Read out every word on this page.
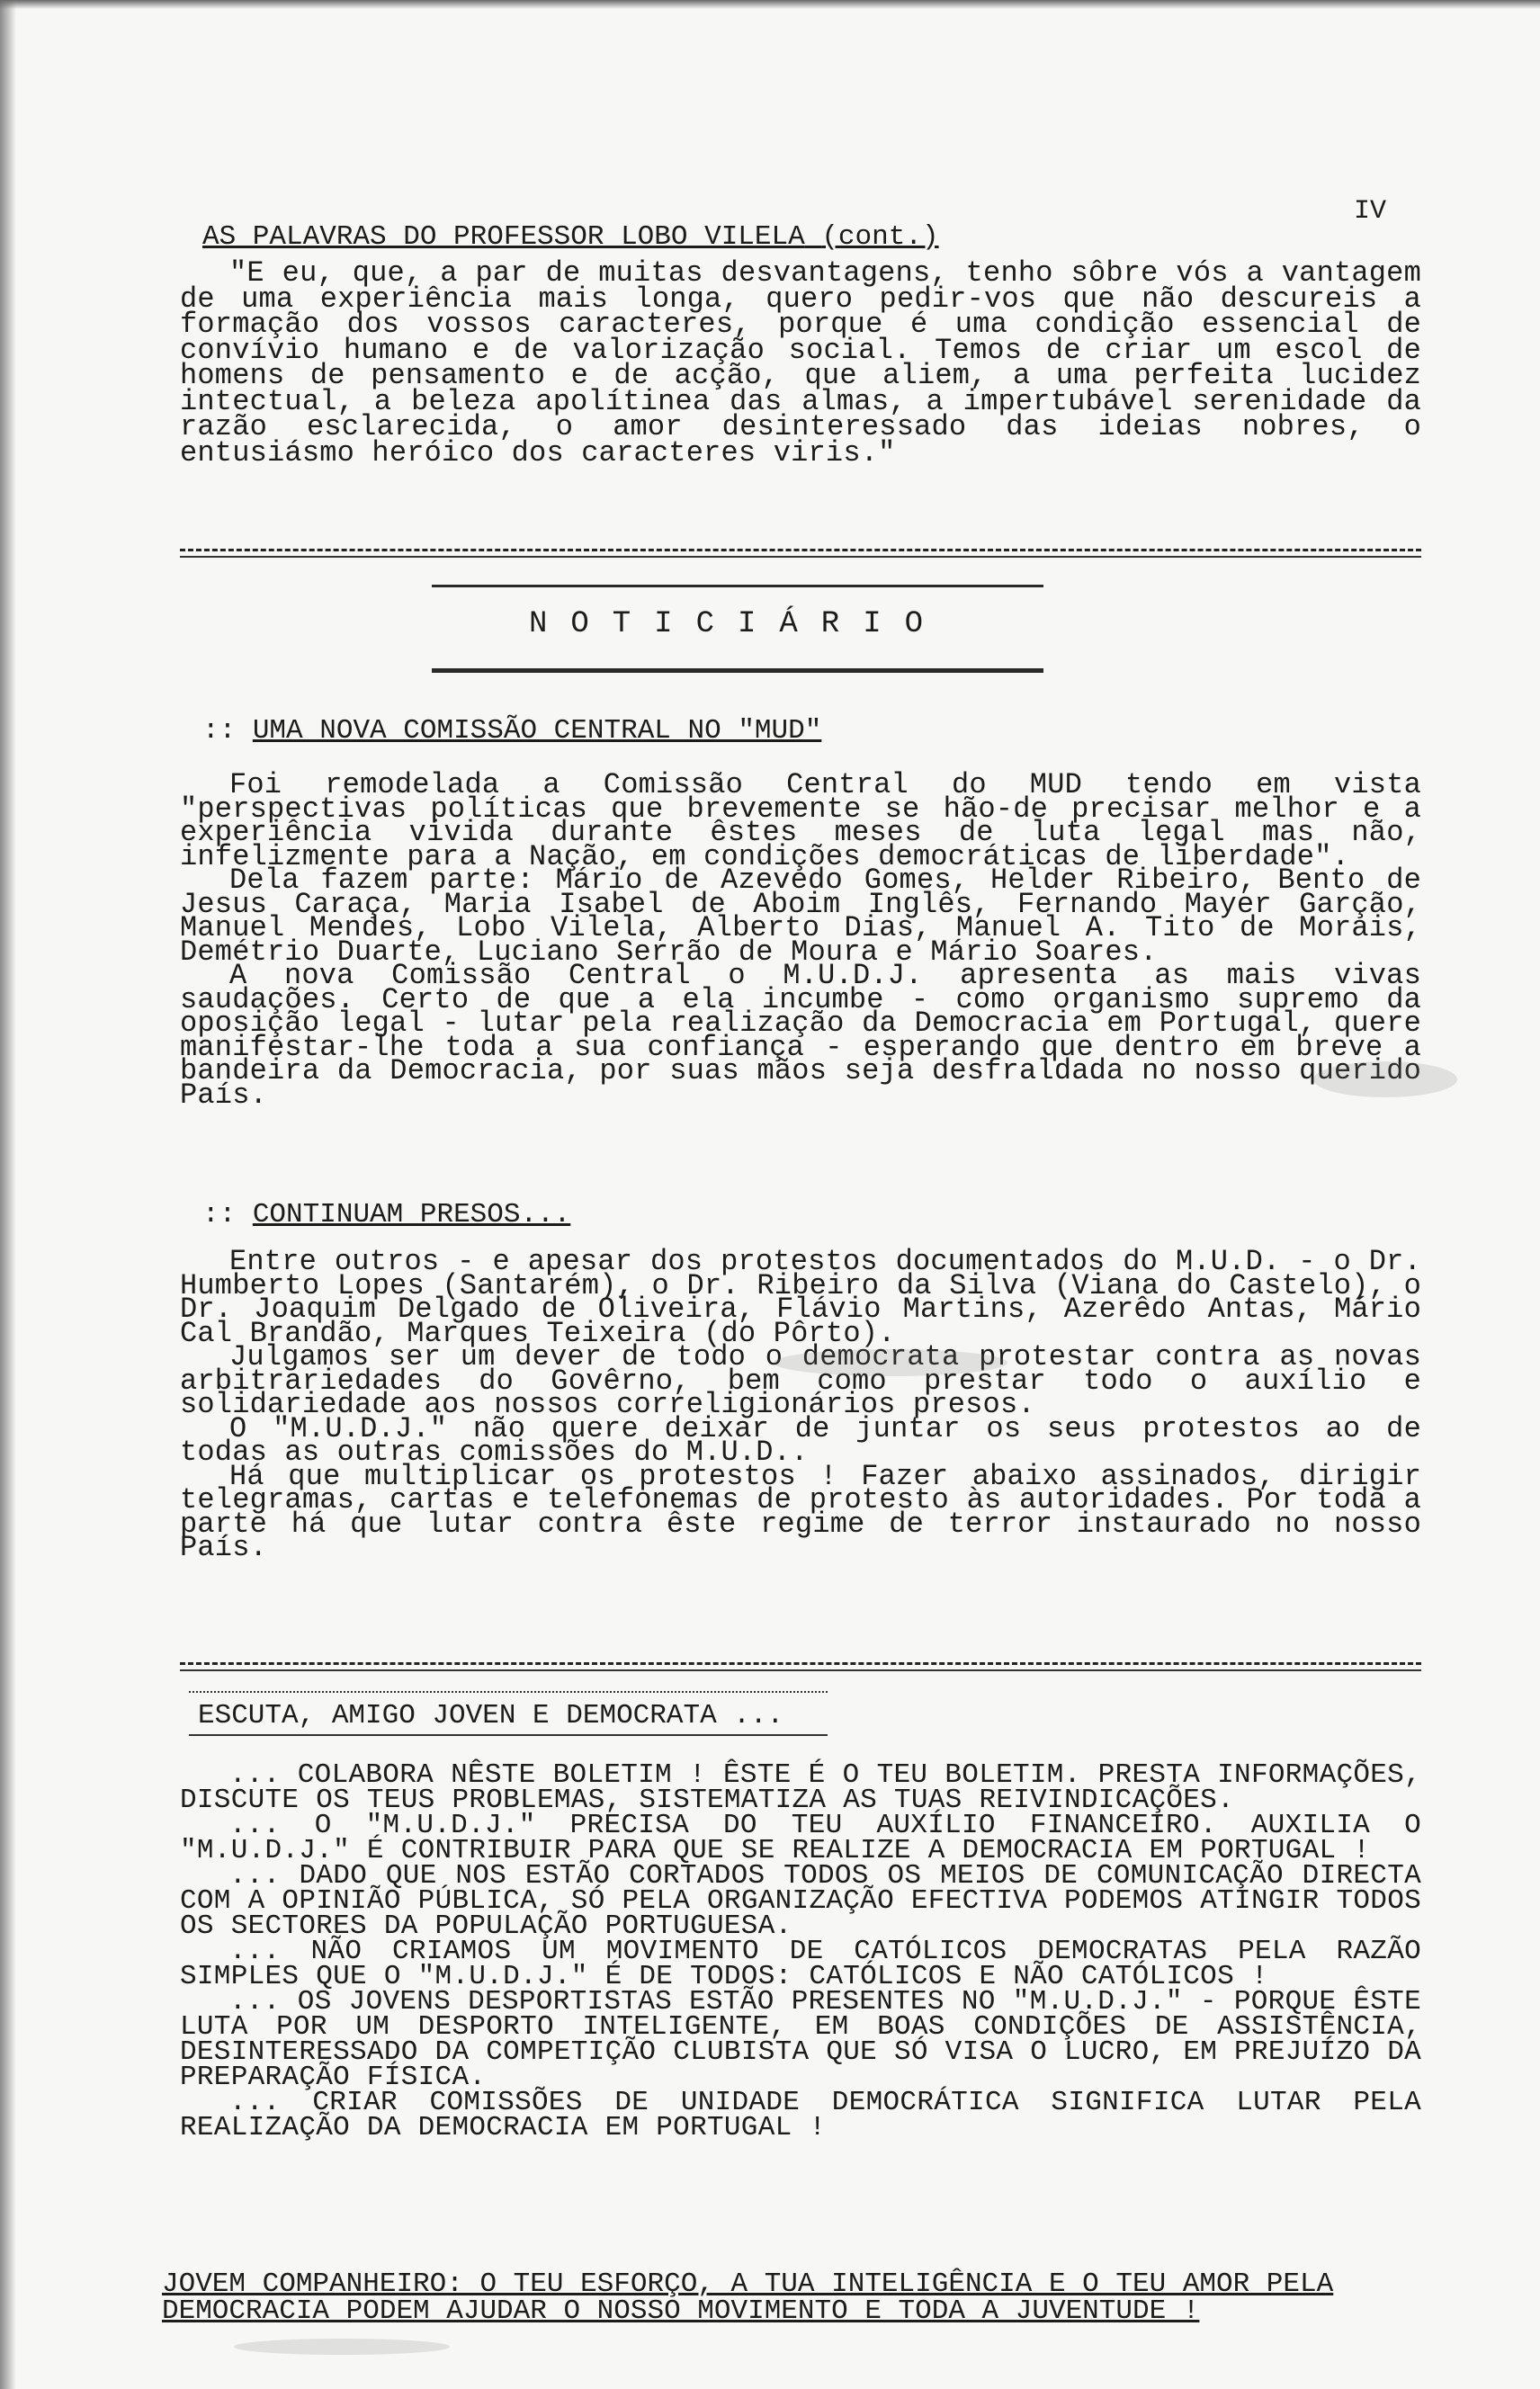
IV
AS PALAVRAS DO PROFESSOR LOBO VILELA (cont.)

"E eu, que, a par de muitas desvantagens, tenho sôbre vós a vantagem de uma experiência mais longa, quero pedir-vos que não descureis a formação dos vossos caracteres, porque é uma condição essencial de convívio humano e de valorização social. Temos de criar um escol de homens de pensamento e de acção, que aliem, a uma perfeita lucidez intectual, a beleza apolítinea das almas, a impertubável serenidade da razão esclarecida, o amor desinteressado das ideias nobres, o entusiásmo heróico dos caracteres viris."

NOTICIÁRIO
:: UMA NOVA COMISSÃO CENTRAL NO "MUD"

Foi remodelada a Comissão Central do MUD tendo em vista "perspectivas políticas que brevemente se hão-de precisar melhor e a experiência vivida durante êstes meses de luta legal mas não, infelizmente para a Nação, em condições democráticas de liberdade".

Dela fazem parte: Mário de Azevedo Gomes, Helder Ribeiro, Bento de Jesus Caraça, Maria Isabel de Aboim Inglês, Fernando Mayer Garção, Manuel Mendes, Lobo Vilela, Alberto Dias, Manuel A. Tito de Morais, Demétrio Duarte, Luciano Serrão de Moura e Mário Soares.

A nova Comissão Central o M.U.D.J. apresenta as mais vivas saudações. Certo de que a ela incumbe - como organismo supremo da oposição legal - lutar pela realização da Democracia em Portugal, quere manifestar-lhe toda a sua confiança - esperando que dentro em breve a bandeira da Democracia, por suas mãos seja desfraldada no nosso querido País.

:: CONTINUAM PRESOS...

Entre outros - e apesar dos protestos documentados do M.U.D. - o Dr. Humberto Lopes (Santarém), o Dr. Ribeiro da Silva (Viana do Castelo), o Dr. Joaquim Delgado de Oliveira, Flávio Martins, Azerêdo Antas, Mário Cal Brandão, Marques Teixeira (do Pôrto).

Julgamos ser um dever de todo o democrata protestar contra as novas arbitrariedades do Govêrno, bem como prestar todo o auxílio e solidariedade aos nossos correligionários presos.

O "M.U.D.J." não quere deixar de juntar os seus protestos ao de todas as outras comissões do M.U.D..

Há que multiplicar os protestos ! Fazer abaixo assinados, dirigir telegramas, cartas e telefonemas de protesto às autoridades. Por toda a parte há que lutar contra êste regime de terror instaurado no nosso País.

ESCUTA, AMIGO JOVEN E DEMOCRATA ...

... COLABORA NÊSTE BOLETIM ! ÊSTE É O TEU BOLETIM. PRESTA INFORMAÇÕES, DISCUTE OS TEUS PROBLEMAS, SISTEMATIZA AS TUAS REIVINDICAÇÕES.

... O "M.U.D.J." PRECISA DO TEU AUXÍLIO FINANCEIRO. AUXILIA O "M.U.D.J." É CONTRIBUIR PARA QUE SE REALIZE A DEMOCRACIA EM PORTUGAL !

... DADO QUE NOS ESTÃO CORTADOS TODOS OS MEIOS DE COMUNICAÇÃO DIRECTA COM A OPINIÃO PÚBLICA, SÓ PELA ORGANIZAÇÃO EFECTIVA PODEMOS ATINGIR TODOS OS SECTORES DA POPULAÇÃO PORTUGUESA.

... NÃO CRIAMOS UM MOVIMENTO DE CATÓLICOS DEMOCRATAS PELA RAZÃO SIMPLES QUE O "M.U.D.J." É DE TODOS: CATÓLICOS E NÃO CATÓLICOS !

... OS JOVENS DESPORTISTAS ESTÃO PRESENTES NO "M.U.D.J." - PORQUE ÊSTE LUTA POR UM DESPORTO INTELIGENTE, EM BOAS CONDIÇÕES DE ASSISTÊNCIA, DESINTERESSADO DA COMPETIÇÃO CLUBISTA QUE SÓ VISA O LUCRO, EM PREJUÍZO DA PREPARAÇÃO FÍSICA.

... CRIAR COMISSÕES DE UNIDADE DEMOCRÁTICA SIGNIFICA LUTAR PELA REALIZAÇÃO DA DEMOCRACIA EM PORTUGAL !

JOVEM COMPANHEIRO: O TEU ESFORÇO, A TUA INTELIGÊNCIA E O TEU AMOR PELA DEMOCRACIA PODEM AJUDAR O NOSSO MOVIMENTO E TODA A JUVENTUDE !
